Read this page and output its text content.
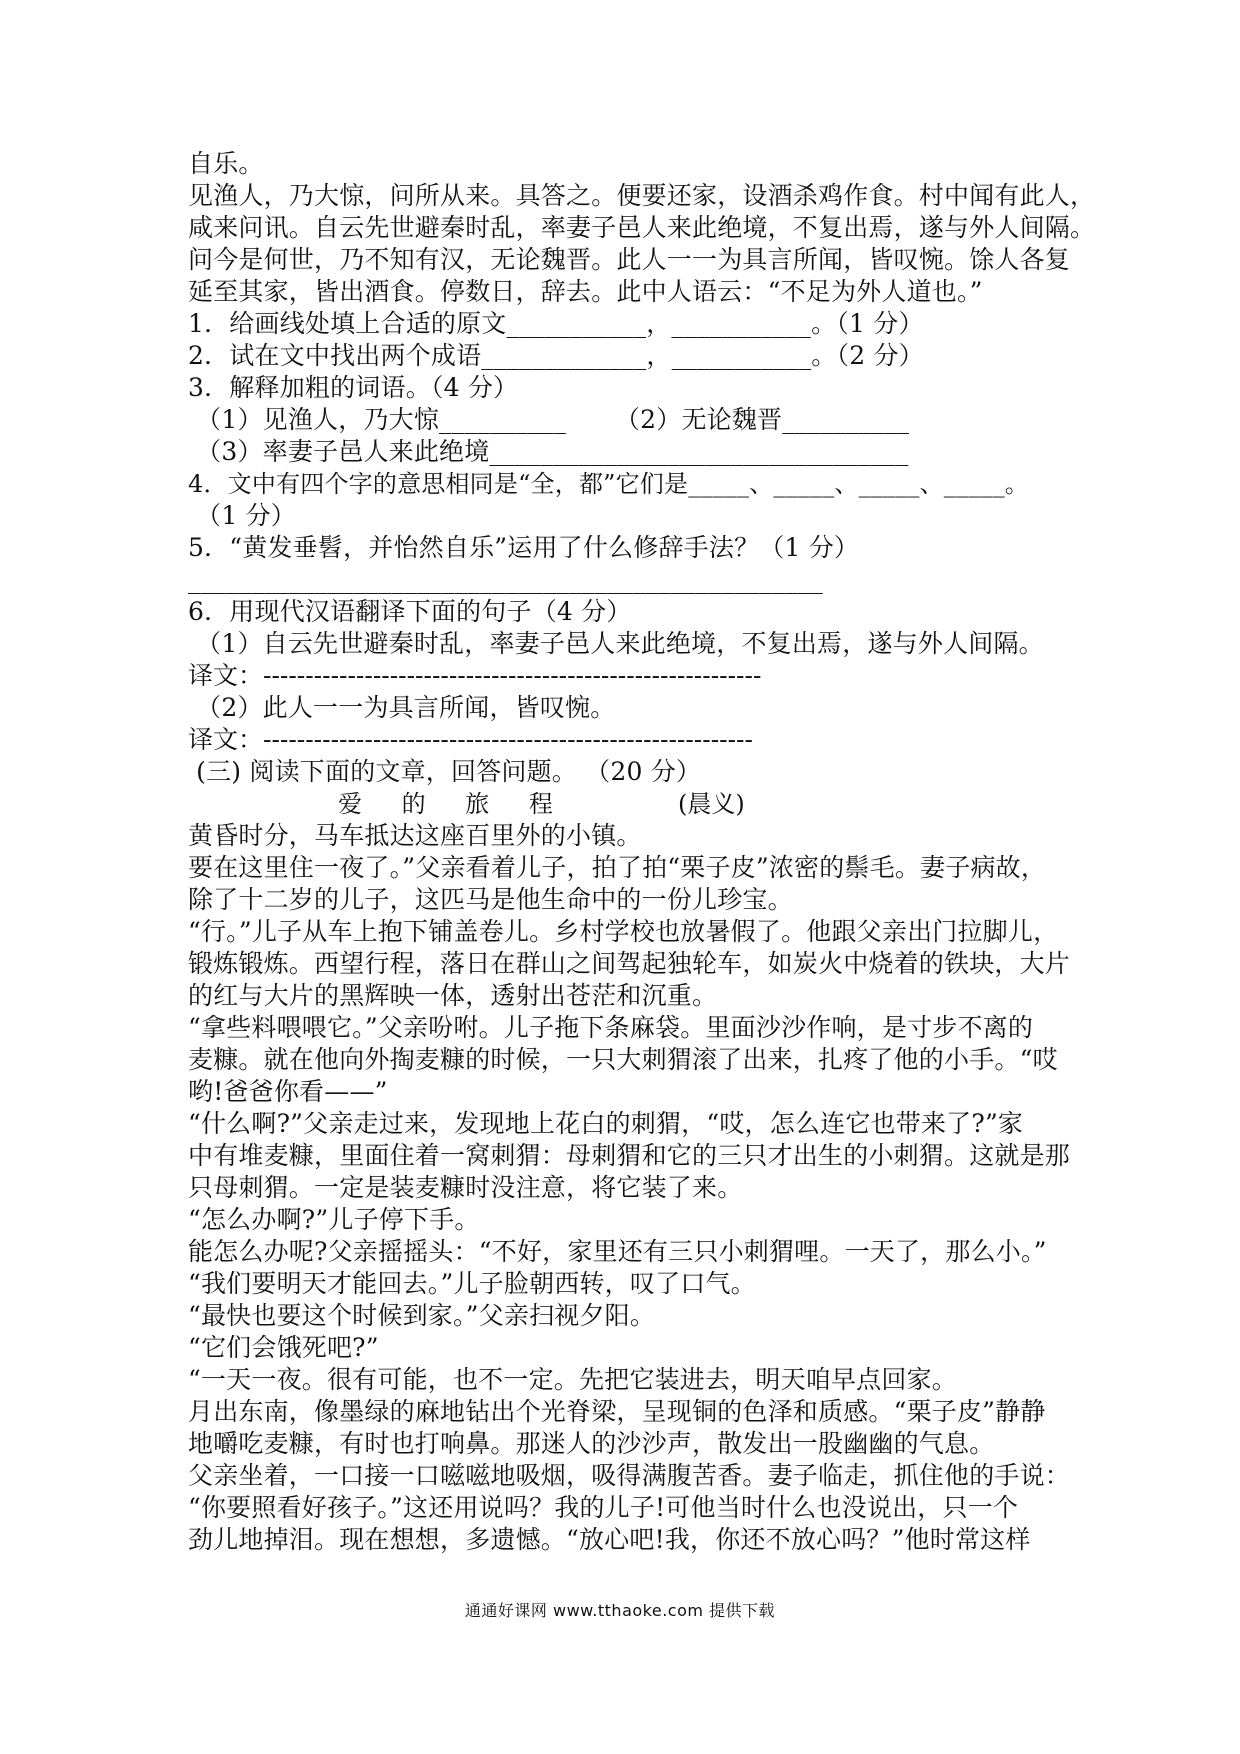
自乐。
见渔人，乃大惊，问所从来。具答之。便要还家，设酒杀鸡作食。村中闻有此人，
咸来问讯。自云先世避秦时乱，率妻子邑人来此绝境，不复出焉，遂与外人间隔。
问今是何世，乃不知有汉，无论魏晋。此人一一为具言所闻，皆叹惋。馀人各复
延至其家，皆出酒食。停数日，辞去。此中人语云：“不足为外人道也。”
1．给画线处填上合适的原文___________，___________。（1 分）
2．试在文中找出两个成语_____________，___________。（2 分）
3．解释加粗的词语。（4 分）
（1）见渔人，乃大惊__________      （2）无论魏晋__________
（3）率妻子邑人来此绝境_________________________________
4．文中有四个字的意思相同是“全，都”它们是_____、_____、_____、_____。
（1 分）
5．“黄发垂髫，并怡然自乐”运用了什么修辞手法？（1 分）
__________________________________________________
6．用现代汉语翻译下面的句子（4 分）
（1）自云先世避秦时乱，率妻子邑人来此绝境，不复出焉，遂与外人间隔。
译文：-----------------------------------------------------------
（2）此人一一为具言所闻，皆叹惋。
译文：----------------------------------------------------------
(三) 阅读下面的文章，回答问题。 （20 分）
爱 的 旅 程	(晨义)
黄昏时分，马车抵达这座百里外的小镇。
要在这里住一夜了。”父亲看着儿子，拍了拍“栗子皮”浓密的鬃毛。妻子病故，
除了十二岁的儿子，这匹马是他生命中的一份儿珍宝。
“行。”儿子从车上抱下铺盖卷儿。乡村学校也放暑假了。他跟父亲出门拉脚儿，
锻炼锻炼。西望行程，落日在群山之间驾起独轮车，如炭火中烧着的铁块，大片
的红与大片的黑辉映一体，透射出苍茫和沉重。
“拿些料喂喂它。”父亲吩咐。儿子拖下条麻袋。里面沙沙作响，是寸步不离的
麦糠。就在他向外掏麦糠的时候，一只大刺猬滚了出来，扎疼了他的小手。“哎
哟!爸爸你看——”
“什么啊?”父亲走过来，发现地上花白的刺猬，“哎，怎么连它也带来了?”家
中有堆麦糠，里面住着一窝刺猬：母刺猬和它的三只才出生的小刺猬。这就是那
只母刺猬。一定是装麦糠时没注意，将它装了来。
“怎么办啊?”儿子停下手。
能怎么办呢?父亲摇摇头：“不好，家里还有三只小刺猬哩。一天了，那么小。”
“我们要明天才能回去。”儿子脸朝西转，叹了口气。
“最快也要这个时候到家。”父亲扫视夕阳。
“它们会饿死吧?”
“一天一夜。很有可能，也不一定。先把它装进去，明天咱早点回家。
月出东南，像墨绿的麻地钻出个光脊梁，呈现铜的色泽和质感。“栗子皮”静静
地嚼吃麦糠，有时也打响鼻。那迷人的沙沙声，散发出一股幽幽的气息。
父亲坐着，一口接一口嗞嗞地吸烟，吸得满腹苦香。妻子临走，抓住他的手说：
“你要照看好孩子。”这还用说吗？我的儿子!可他当时什么也没说出，只一个
劲儿地掉泪。现在想想，多遗憾。“放心吧!我，你还不放心吗？”他时常这样
通通好课网 www.tthaoke.com 提供下载
